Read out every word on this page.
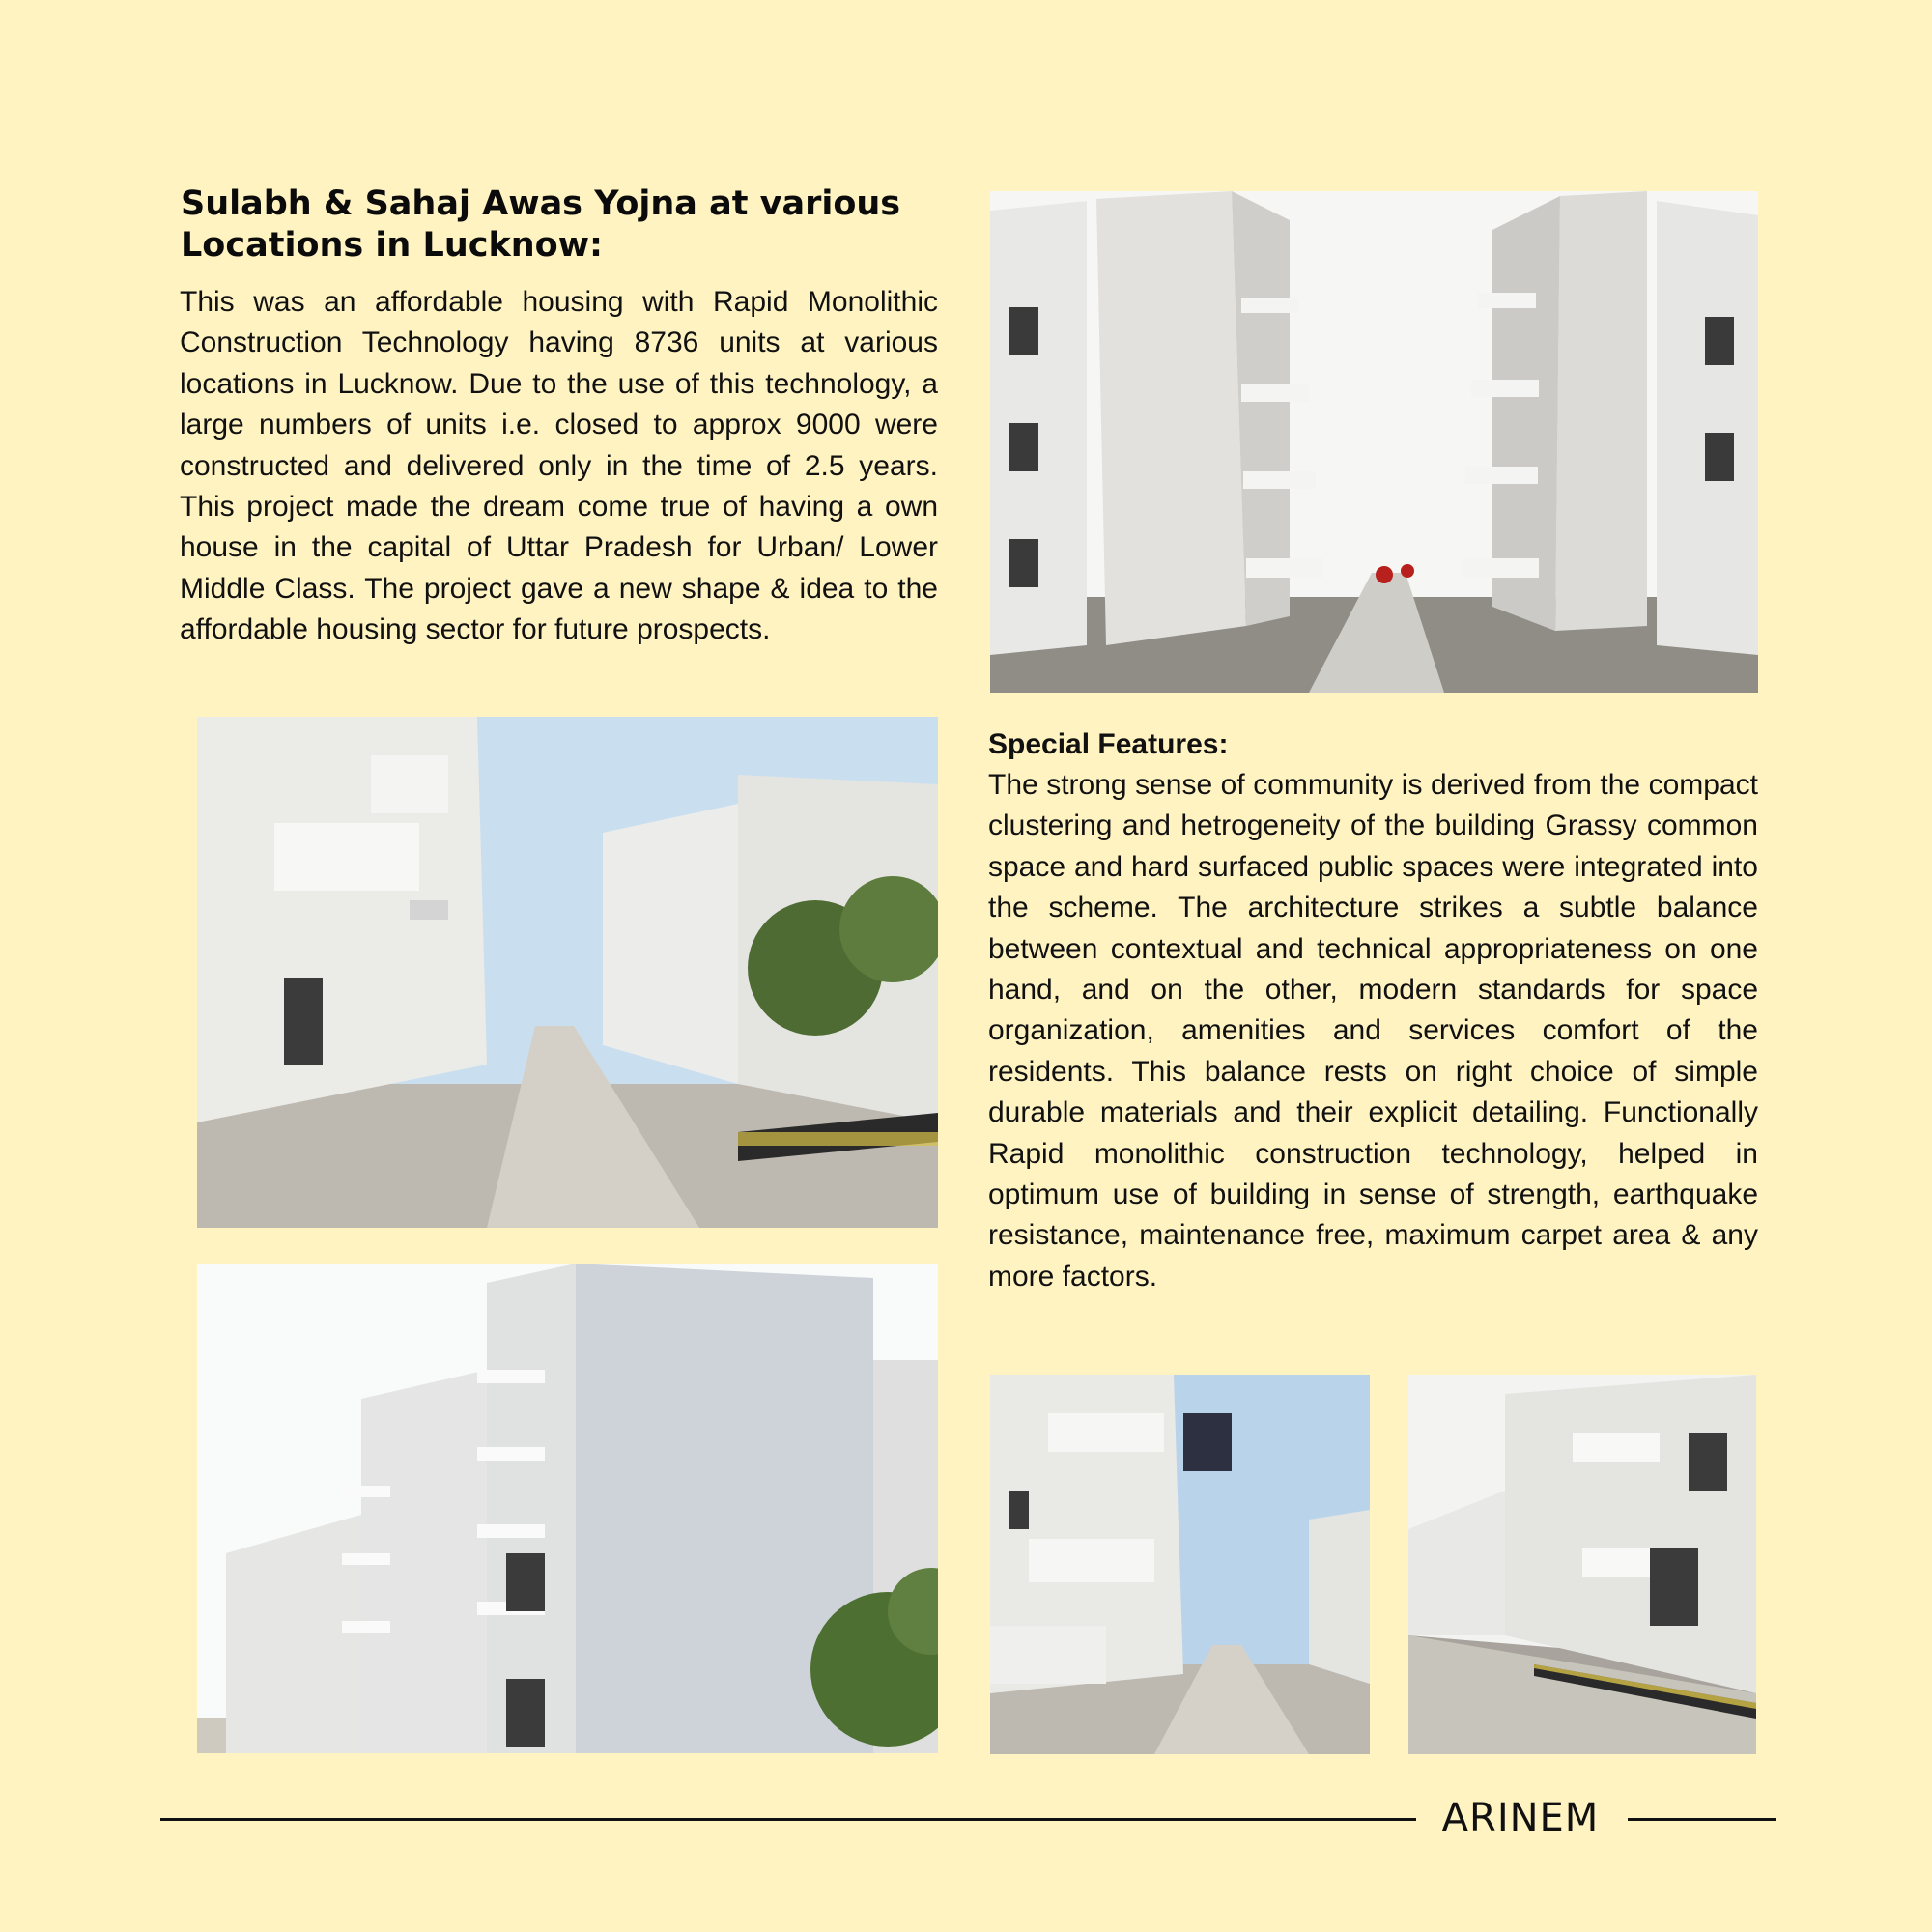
Sulabh & Sahaj Awas Yojna at various Locations in Lucknow:

This was an affordable housing with Rapid Monolithic Construction Technology having 8736 units at various locations in Lucknow. Due to the use of this technology, a large numbers of units i.e. closed to approx 9000 were constructed and delivered only in the time of 2.5 years. This project made the dream come true of having a own house in the capital of Uttar Pradesh for Urban/ Lower Middle Class. The project gave a new shape & idea to the affordable housing sector for future prospects.

Special Features:

The strong sense of community is derived from the compact clustering and hetrogeneity of the building Grassy common space and hard surfaced public spaces were integrated into the scheme. The architecture strikes a subtle balance between contextual and technical appropriateness on one hand, and on the other, modern standards for space organization, amenities and services comfort of the residents. This balance rests on right choice of simple durable materials and their explicit detailing. Functionally Rapid monolithic construction technology, helped in optimum use of building in sense of strength, earthquake resistance, maintenance free, maximum carpet area & any more factors.

ARINEM
